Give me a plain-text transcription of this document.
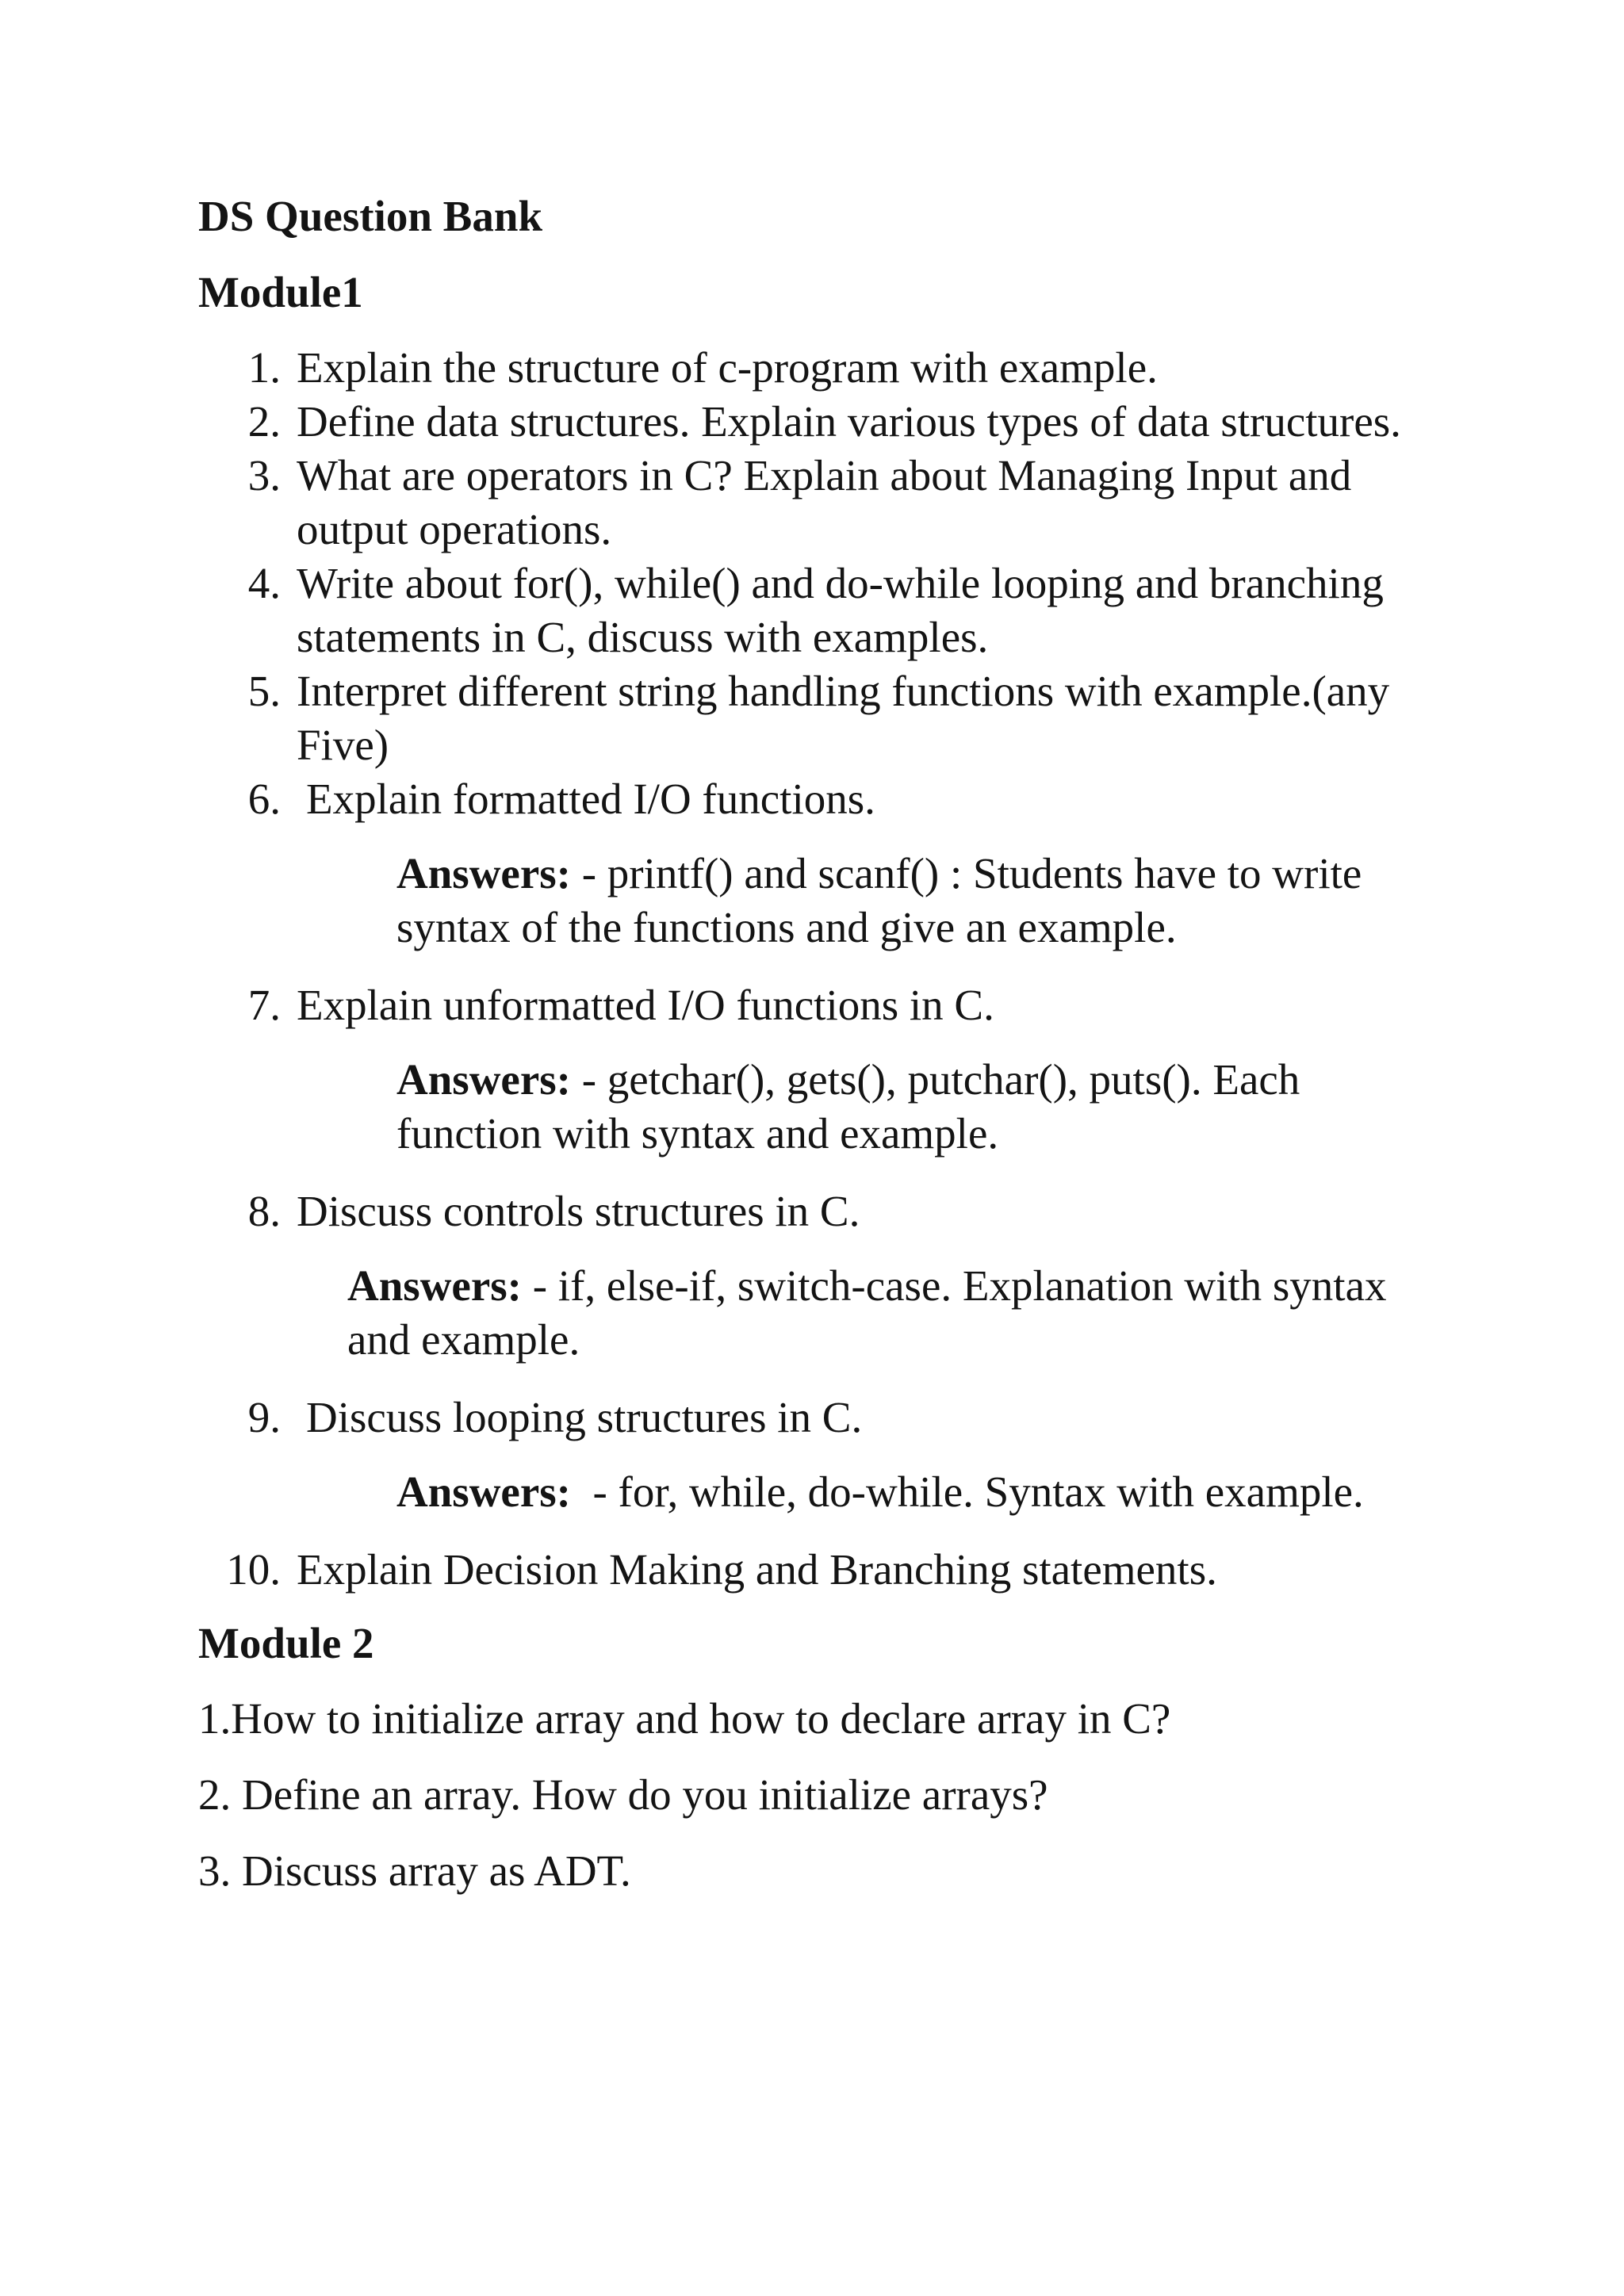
DS Question Bank

Module1

1. Explain the structure of c-program with example.

2. Define data structures. Explain various types of data structures.

3. What are operators in C? Explain about Managing Input and output operations.

4. Write about for(), while() and do-while looping and branching statements in C, discuss with examples.

5. Interpret different string handling functions with example.(any Five)

6. Explain formatted I/O functions.

Answers: - printf() and scanf() : Students have to write syntax of the functions and give an example.

7. Explain unformatted I/O functions in C.

Answers: - getchar(), gets(), putchar(), puts(). Each function with syntax and example.

8. Discuss controls structures in C.

Answers: - if, else-if, switch-case. Explanation with syntax and example.

9. Discuss looping structures in C.

Answers:  - for, while, do-while. Syntax with example.

10. Explain Decision Making and Branching statements.

Module 2

1.How to initialize array and how to declare array in C?

2. Define an array. How do you initialize arrays?

3. Discuss array as ADT.
